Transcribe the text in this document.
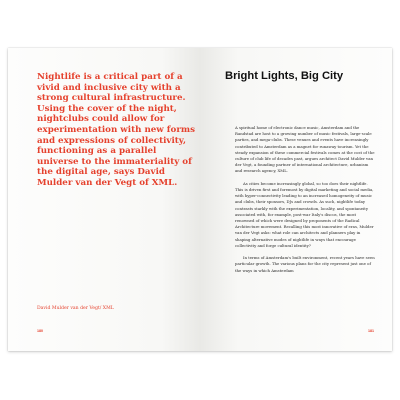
Nightlife is a critical part of a vivid and inclusive city with a strong cultural infrastructure. Using the cover of the night, nightclubs could allow for experimentation with new forms and expressions of collectivity, functioning as a parallel universe to the immateriality of the digital age, says David Mulder van der Vegt of XML.

David Mulder van der Vegt/ XML
180
Bright Lights, Big City

A spiritual home of electronic dance music, Amsterdam and the Randstad are host to a growing number of music festivals, large-scale parties, and mega-clubs. These venues and events have increasingly contributed to Amsterdam as a magnet for runaway tourism. Yet the steady expansion of these commercial festivals comes at the cost of the culture of club life of decades past, argues architect David Mulder van der Vegt, a founding partner of international architecture, urbanism and research agency, XML.

As cities become increasingly global, so too does their nightlife. This is driven first and foremost by digital marketing and social media, with hyper-connectivity leading to an increased homogeneity of music and clubs, their sponsors, DJs and crowds. As such, nightlife today contrasts starkly with the experimentation, locality, and spontaneity associated with, for example, post-war Italy's discos, the most renowned of which were designed by proponents of the Radical Architecture movement. Recalling this most innovative of eras, Mulder van der Vegt asks: what role can architects and planners play in shaping alternative modes of nightlife in ways that encourage collectivity and forge cultural identity?

In terms of Amsterdam's built environment, recent years have seen particular growth. The various plans for the city represent just one of the ways in which Amsterdam

181
